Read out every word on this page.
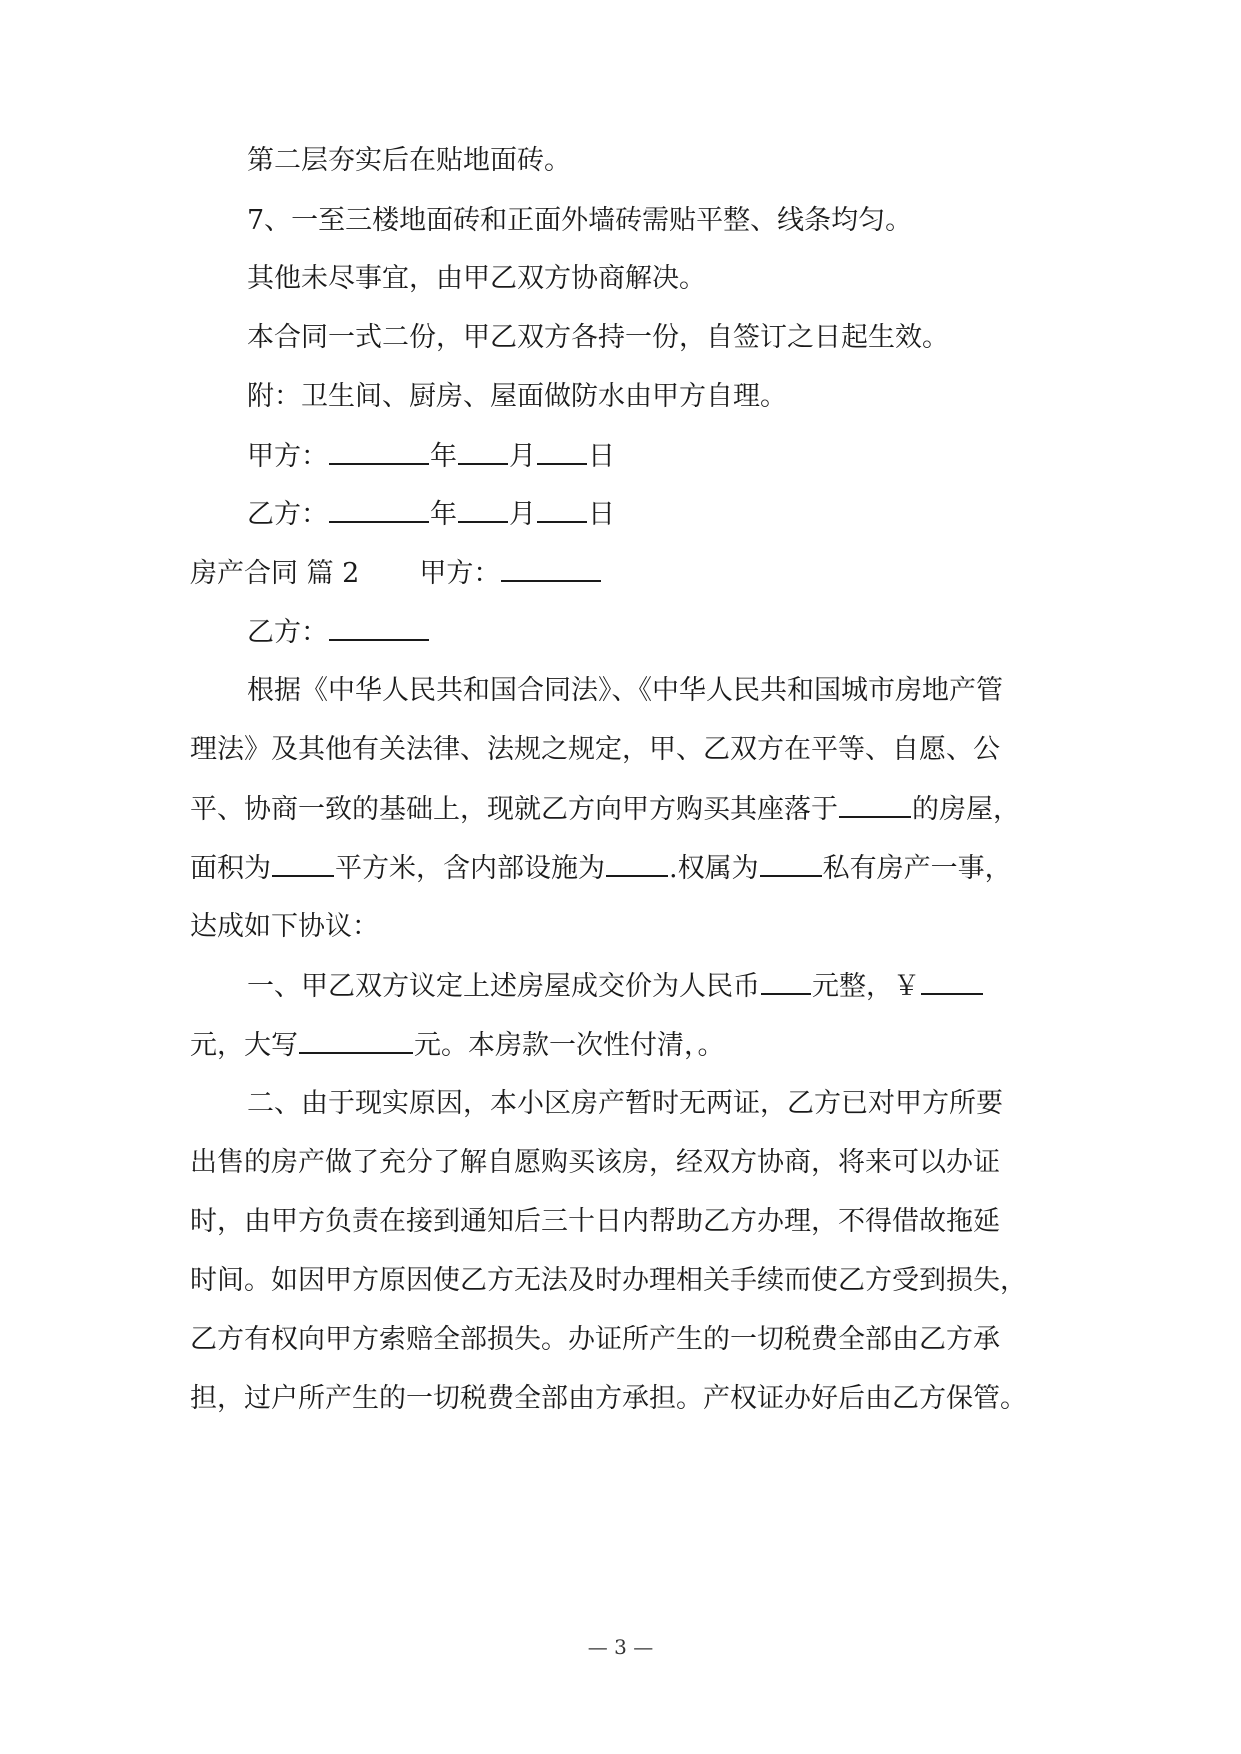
第二层夯实后在贴地面砖。
7、一至三楼地面砖和正面外墙砖需贴平整、线条均匀。
其他未尽事宜，由甲乙双方协商解决。
本合同一式二份，甲乙双方各持一份，自签订之日起生效。
附：卫生间、厨房、屋面做防水由甲方自理。
甲方：	年 月 日
乙方：	年 月 日
房产合同 篇 2 甲方：
乙方：
根据《中华人民共和国合同法》、《中华人民共和国城市房地产管
理法》及其他有关法律、法规之规定，甲、乙双方在平等、自愿、公
平、协商一致的基础上，现就乙方向甲方购买其座落于	的房屋，
面积为 平方米，含内部设施为 .权属为 私有房产一事，
达成如下协议：
一、甲乙双方议定上述房屋成交价为人民币 元整，￥
元，大写	元。本房款一次性付清，。
二、由于现实原因，本小区房产暂时无两证，乙方已对甲方所要
出售的房产做了充分了解自愿购买该房，经双方协商，将来可以办证
时，由甲方负责在接到通知后三十日内帮助乙方办理，不得借故拖延
时间。如因甲方原因使乙方无法及时办理相关手续而使乙方受到损失，
乙方有权向甲方索赔全部损失。办证所产生的一切税费全部由乙方承
担，过户所产生的一切税费全部由方承担。产权证办好后由乙方保管。
— 3 —
